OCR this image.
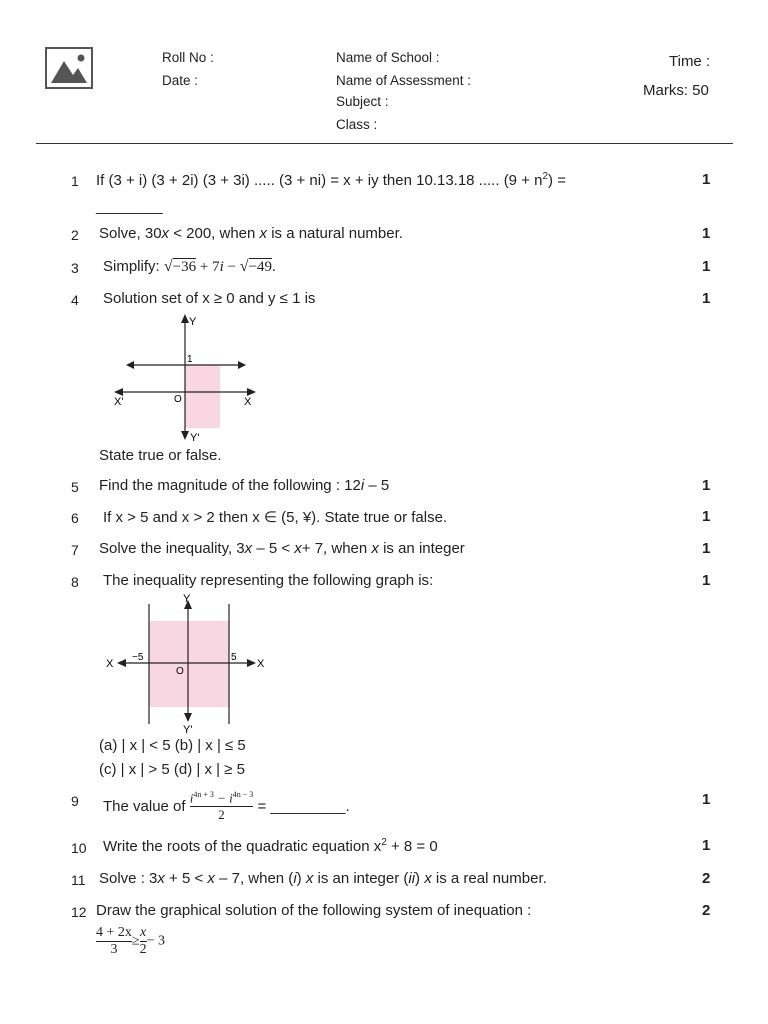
Roll No :
Date :
Name of School :
Name of Assessment :
Subject :
Class :
Time :
Marks: 50
1 If (3 + i) (3 + 2i) (3 + 3i) ..... (3 + ni) = x + iy then 10.13.18 ..... $(9 + n^2)$ =
________
1
2 Solve, 30x < 200, when x is a natural number.	1
3 Simplify: √−36 + 7i − √−49.	1
4 Solution set of x ≥ 0 and y ≤ 1 is	1
Y
Y'
X
X'	O
1
State true or false.
5 Find the magnitude of the following : 12i – 5	1
6 If x > 5 and x > 2 then x ∈ (5, ¥). State true or false.	1
7 Solve the inequality, 3x – 5 < x+ 7, when x is an integer	1
8 The inequality representing the following graph is:	1
Y
Y'
X
X
O
−5	5
(a) | x | < 5 (b) | x | ≤ 5
(c) | x | > 5 (d) | x | ≥ 5
9 The value of $\frac{i^{4n + 3} - i^{4n - 3}}{2}$ = _________.	1
10 Write the roots of the quadratic equation $x^2 + 8 = 0$	1
11 Solve : 3x + 5 < x – 7, when (i) x is an integer (ii) x is a real number.	2
12 Draw the graphical solution of the following system of inequation :	2
$\frac{4 + 2x}{3} \ge \frac{x}{2} - 3$
